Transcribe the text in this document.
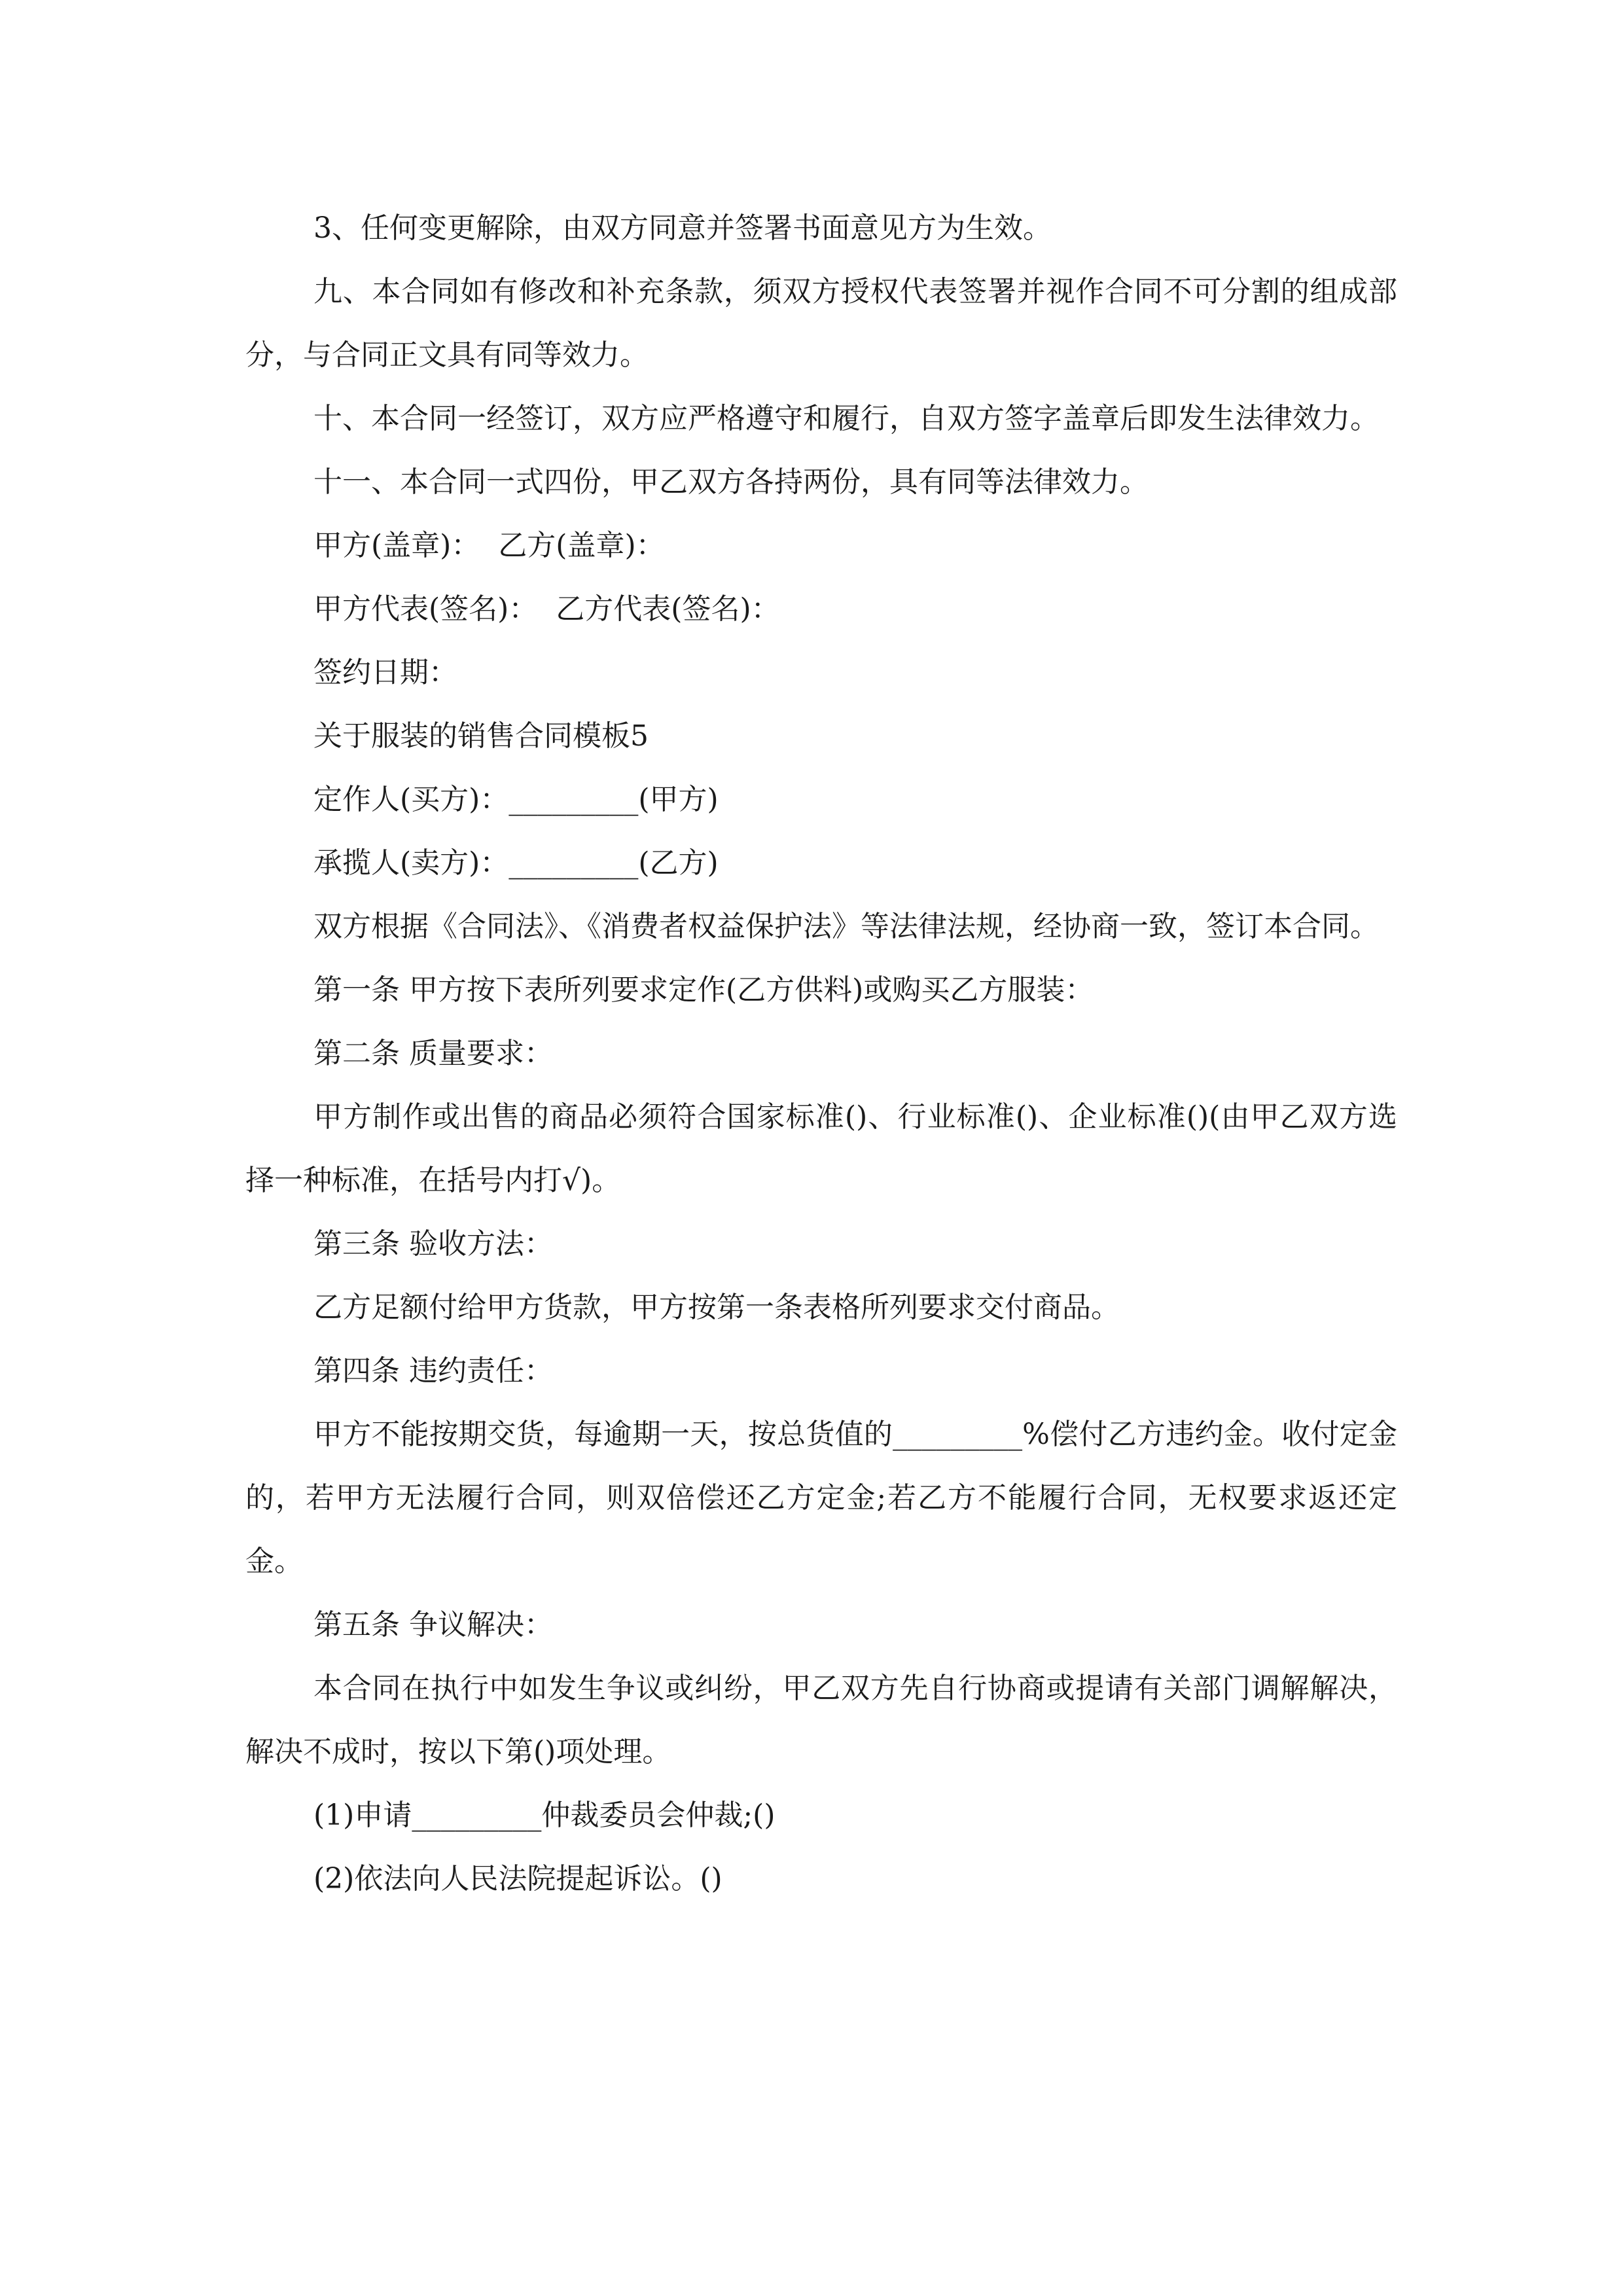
3、任何变更解除，由双方同意并签署书面意见方为生效。

九、本合同如有修改和补充条款，须双方授权代表签署并视作合同不可分割的组成部分，与合同正文具有同等效力。

十、本合同一经签订，双方应严格遵守和履行，自双方签字盖章后即发生法律效力。

十一、本合同一式四份，甲乙双方各持两份，具有同等法律效力。

甲方(盖章)：  乙方(盖章)：

甲方代表(签名)：  乙方代表(签名)：

签约日期：

关于服装的销售合同模板5

定作人(买方)：_________(甲方)

承揽人(卖方)：_________(乙方)

双方根据《合同法》、《消费者权益保护法》等法律法规，经协商一致，签订本合同。

第一条 甲方按下表所列要求定作(乙方供料)或购买乙方服装：

第二条 质量要求：

甲方制作或出售的商品必须符合国家标准()、行业标准()、企业标准()(由甲乙双方选择一种标准，在括号内打√)。

第三条 验收方法：

乙方足额付给甲方货款，甲方按第一条表格所列要求交付商品。

第四条 违约责任：

甲方不能按期交货，每逾期一天，按总货值的_________%偿付乙方违约金。收付定金的，若甲方无法履行合同，则双倍偿还乙方定金;若乙方不能履行合同，无权要求返还定金。

第五条 争议解决：

本合同在执行中如发生争议或纠纷，甲乙双方先自行协商或提请有关部门调解解决，解决不成时，按以下第()项处理。

(1)申请_________仲裁委员会仲裁;()

(2)依法向人民法院提起诉讼。()
